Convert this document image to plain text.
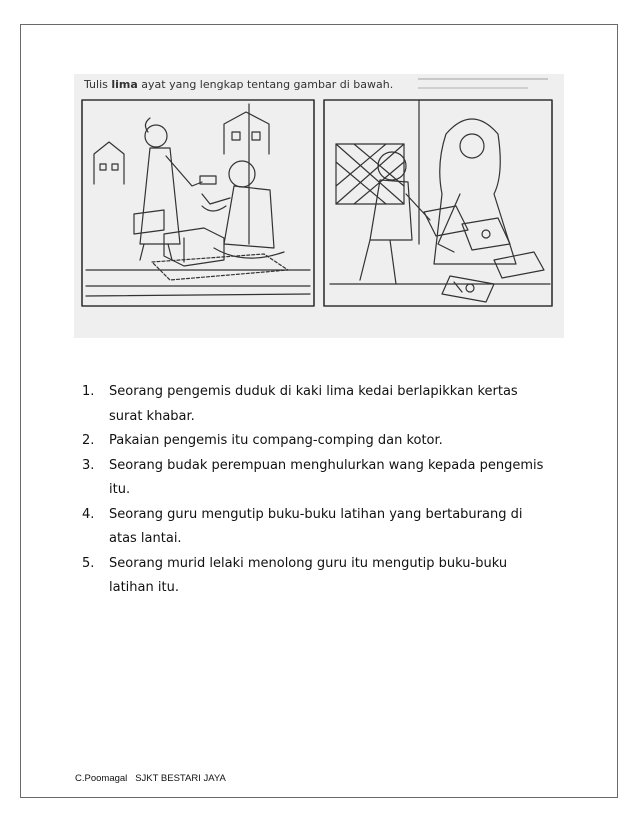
Tulis lima ayat yang lengkap tentang gambar di bawah.
1. Seorang pengemis duduk di kaki lima kedai berlapikkan kertas surat khabar.
2. Pakaian pengemis itu compang-comping dan kotor.
3. Seorang budak perempuan menghulurkan wang kepada pengemis itu.
4. Seorang guru mengutip buku-buku latihan yang bertaburang di atas lantai.
5. Seorang murid lelaki menolong guru itu mengutip buku-buku latihan itu.
C.Poomagal   SJKT BESTARI JAYA
